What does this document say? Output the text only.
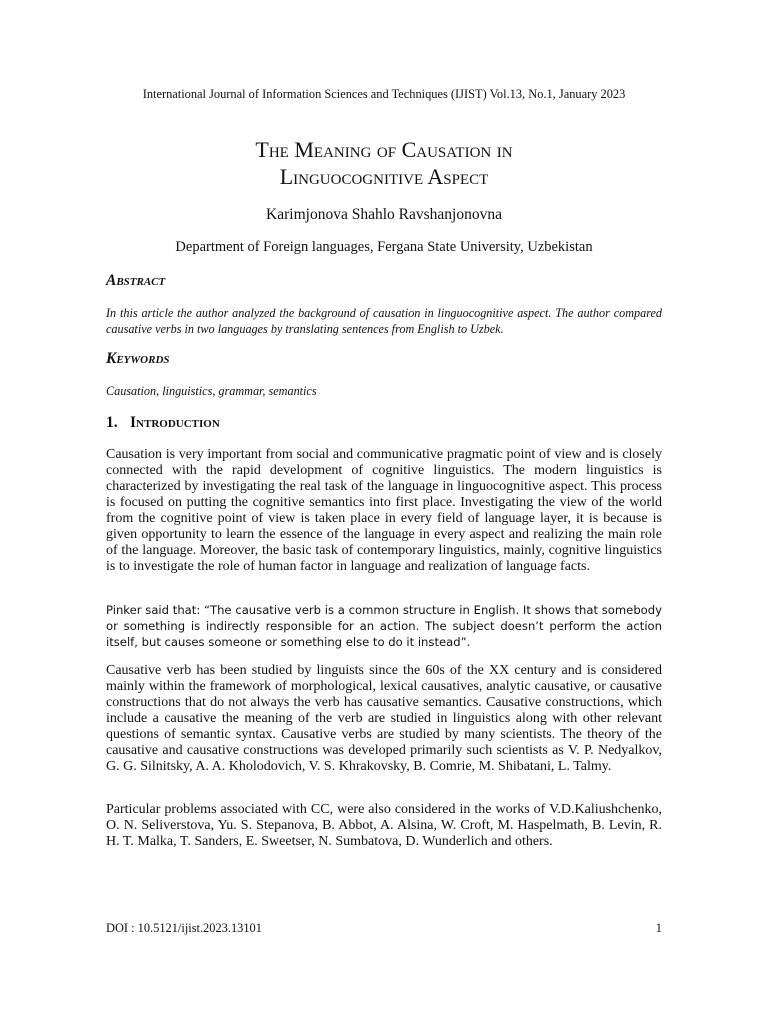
International Journal of Information Sciences and Techniques (IJIST) Vol.13, No.1, January 2023
The Meaning of Causation in
Linguocognitive Aspect
Karimjonova Shahlo Ravshanjonovna
Department of Foreign languages, Fergana State University, Uzbekistan
Abstract
In this article the author analyzed the background of causation in linguocognitive aspect. The author compared causative verbs in two languages by translating sentences from English to Uzbek.
Keywords
Causation, linguistics, grammar, semantics
1. Introduction
Causation is very important from social and communicative pragmatic point of view and is closely connected with the rapid development of cognitive linguistics. The modern linguistics is characterized by investigating the real task of the language in linguocognitive aspect. This process is focused on putting the cognitive semantics into first place. Investigating the view of the world from the cognitive point of view is taken place in every field of language layer, it is because is given opportunity to learn the essence of the language in every aspect and realizing the main role of the language. Moreover, the basic task of contemporary linguistics, mainly, cognitive linguistics is to investigate the role of human factor in language and realization of language facts.
Pinker said that: “The causative verb is a common structure in English. It shows that somebody or something is indirectly responsible for an action. The subject doesn’t perform the action itself, but causes someone or something else to do it instead”.
Causative verb has been studied by linguists since the 60s of the XX century and is considered mainly within the framework of morphological, lexical causatives, analytic causative, or causative constructions that do not always the verb has causative semantics. Causative constructions, which include a causative the meaning of the verb are studied in linguistics along with other relevant questions of semantic syntax. Causative verbs are studied by many scientists. The theory of the causative and causative constructions was developed primarily such scientists as V. P. Nedyalkov, G. G. Silnitsky, A. A. Kholodovich, V. S. Khrakovsky, B. Comrie, M. Shibatani, L. Talmy.
Particular problems associated with CC, were also considered in the works of V.D.Kaliushchenko, O. N. Seliverstova, Yu. S. Stepanova, B. Abbot, A. Alsina, W. Croft, M. Haspelmath, B. Levin, R. H. T. Malka, T. Sanders, E. Sweetser, N. Sumbatova, D. Wunderlich and others.
DOI : 10.5121/ijist.2023.13101	1
